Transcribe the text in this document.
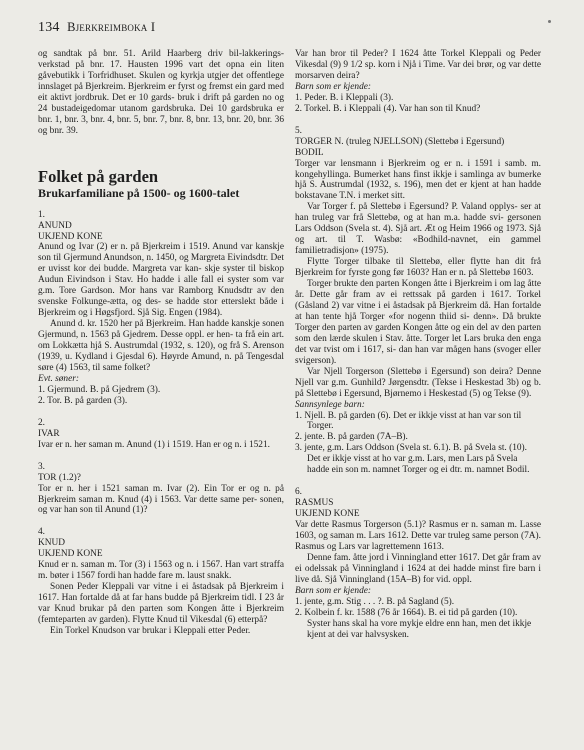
134 Bjerkreimboka I

og sandtak på bnr. 51. Arild Haarberg driv bil-lakkerings- verkstad på bnr. 17. Hausten 1996 vart det opna ein liten gåvebutikk i Torfridhuset. Skulen og kyrkja utgjer det offentlege innslaget på Bjerkreim. Bjerkreim er fyrst og fremst ein gard med eit aktivt jordbruk. Det er 10 gards- bruk i drift på garden no og 24 bustadeigedomar utanom gardsbruka. Dei 10 gardsbruka er bnr. 1, bnr. 3, bnr. 4, bnr. 5, bnr. 7, bnr. 8, bnr. 13, bnr. 20, bnr. 36 og bnr. 39.

Folket på garden
Brukarfamiliane på 1500- og 1600-talet

1.

ANUND

UKJEND KONE

Anund og Ivar (2) er n. på Bjerkreim i 1519. Anund var kanskje son til Gjermund Anundson, n. 1450, og Margreta Eivindsdtr. Det er uvisst kor dei budde. Margreta var kan- skje syster til biskop Audun Eivindson i Stav. Ho hadde i alle fall ei syster som var g.m. Tore Gardson. Mor hans var Ramborg Knudsdtr av den svenske Folkunge-ætta, og des- se hadde stor etterslekt både i Bjerkreim og i Høgsfjord. Sjå Sig. Engen (1984).

Anund d. kr. 1520 her på Bjerkreim. Han hadde kanskje sonen Gjermund, n. 1563 på Gjedrem. Desse oppl. er hen- ta frå ein art. om Lokkætta hjå S. Austrumdal (1932, s. 120), og frå S. Arenson (1939, u. Kydland i Gjesdal 6). Høyrde Amund, n. på Tengesdal søre (4) 1563, til same folket?

Evt. søner:

1. Gjermund. B. på Gjedrem (3).

2. Tor. B. på garden (3).

2.

IVAR

Ivar er n. her saman m. Anund (1) i 1519. Han er og n. i 1521.

3.

TOR (1.2)?

Tor er n. her i 1521 saman m. Ivar (2). Ein Tor er og n. på Bjerkreim saman m. Knud (4) i 1563. Var dette same per- sonen, og var han son til Anund (1)?

4.

KNUD

UKJEND KONE

Knud er n. saman m. Tor (3) i 1563 og n. i 1567. Han vart straffa m. bøter i 1567 fordi han hadde fare m. laust snakk.

Sonen Peder Kleppali var vitne i ei åstadsak på Bjerkreim i 1617. Han fortalde då at far hans budde på Bjerkreim tidl. I 23 år var Knud brukar på den parten som Kongen åtte i Bjerkreim (femteparten av garden). Flytte Knud til Vikesdal (6) etterpå?

Ein Torkel Knudson var brukar i Kleppali etter Peder.

Var han bror til Peder? I 1624 åtte Torkel Kleppali og Peder Vikesdal (9) 9 1/2 sp. korn i Njå i Time. Var dei brør, og var dette morsarven deira?

Barn som er kjende:

1. Peder. B. i Kleppali (3).

2. Torkel. B. i Kleppali (4). Var han son til Knud?

5.

TORGER N. (truleg NJELLSON) (Slettebø i Egersund)

BODIL

Torger var lensmann i Bjerkreim og er n. i 1591 i samb. m. kongehyllinga. Bumerket hans finst ikkje i samlinga av bumerke hjå S. Austrumdal (1932, s. 196), men det er kjent at han hadde bokstavane T.N. i merket sitt.

Var Torger f. på Slettebø i Egersund? P. Valand opplys- ser at han truleg var frå Slettebø, og at han m.a. hadde svi- gersonen Lars Oddson (Svela st. 4). Sjå art. Æt og Heim 1966 og 1973. Sjå og art. til T. Wasbø: «Bodhild-navnet, ein gammel familietradisjon» (1975).

Flytte Torger tilbake til Slettebø, eller flytte han dit frå Bjerkreim for fyrste gong før 1603? Han er n. på Slettebø 1603.

Torger brukte den parten Kongen åtte i Bjerkreim i om lag åtte år. Dette går fram av ei rettssak på garden i 1617. Torkel (Gåsland 2) var vitne i ei åstadsak på Bjerkreim då. Han fortalde at han tente hjå Torger «for nogenn thiid si- denn». Då brukte Torger den parten av garden Kongen åtte og ein del av den parten som den lærde skulen i Stav. åtte. Torger let Lars bruka den enga det var tvist om i 1617, si- dan han var mågen hans (svoger eller svigerson).

Var Njell Torgerson (Slettebø i Egersund) son deira? Denne Njell var g.m. Gunhild? Jørgensdtr. (Tekse i Heskestad 3b) og b. på Slettebø i Egersund, Bjørnemo i Heskestad (5) og Tekse (9).

Sannsynlege barn:

1. Njell. B. på garden (6). Det er ikkje visst at han var son til Torger.

2. jente. B. på garden (7A–B).

3. jente, g.m. Lars Oddson (Svela st. 6.1). B. på Svela st. (10). Det er ikkje visst at ho var g.m. Lars, men Lars på Svela hadde ein son m. namnet Torger og ei dtr. m. namnet Bodil.

6.

RASMUS

UKJEND KONE

Var dette Rasmus Torgerson (5.1)? Rasmus er n. saman m. Lasse 1603, og saman m. Lars 1612. Dette var truleg same person (7A). Rasmus og Lars var lagrettemenn 1613.

Denne fam. åtte jord i Vinningland etter 1617. Det går fram av ei odelssak på Vinningland i 1624 at dei hadde minst fire barn i live då. Sjå Vinningland (15A–B) for vid. oppl.

Barn som er kjende:

1. jente, g.m. Stig . . . ?. B. på Sagland (5).

2. Kolbein f. kr. 1588 (76 år 1664). B. ei tid på garden (10). Syster hans skal ha vore mykje eldre enn han, men det ikkje kjent at dei var halvsysken.
